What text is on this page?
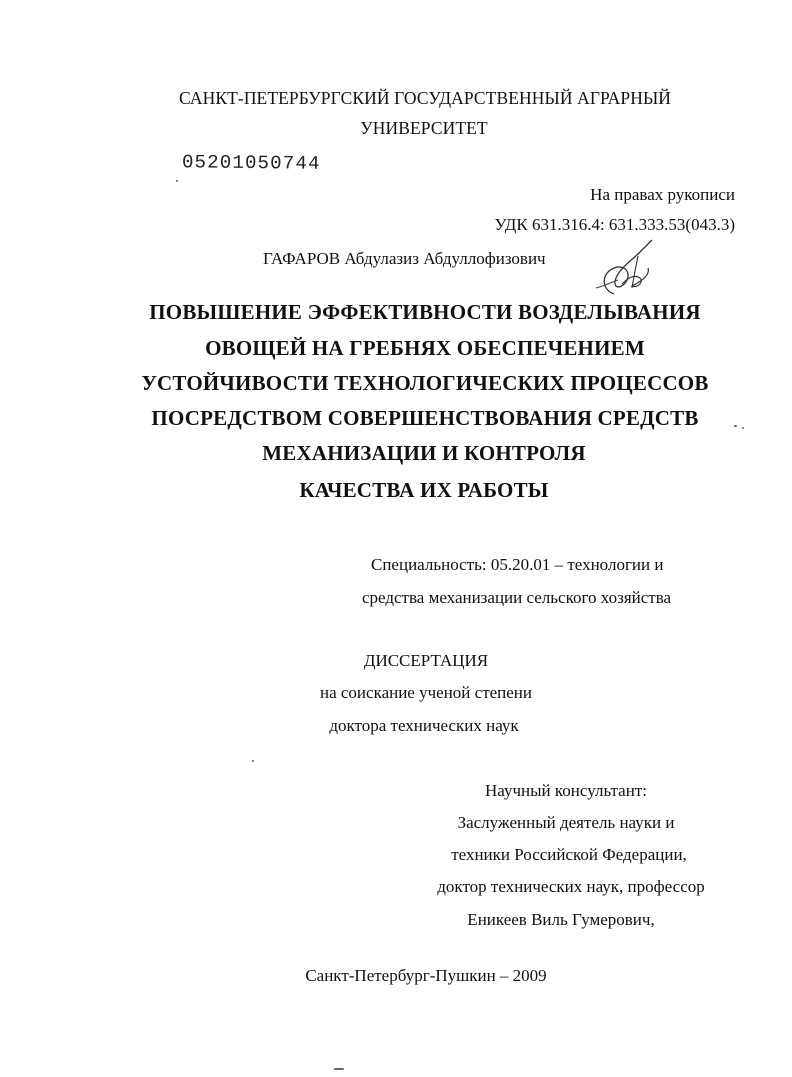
САНКТ-ПЕТЕРБУРГСКИЙ ГОСУДАРСТВЕННЫЙ АГРАРНЫЙ
УНИВЕРСИТЕТ
05201050744
На правах рукописи
УДК 631.316.4: 631.333.53(043.3)
ГАФАРОВ Абдулазиз Абдуллофизович
ПОВЫШЕНИЕ ЭФФЕКТИВНОСТИ ВОЗДЕЛЫВАНИЯ
ОВОЩЕЙ НА ГРЕБНЯХ ОБЕСПЕЧЕНИЕМ
УСТОЙЧИВОСТИ ТЕХНОЛОГИЧЕСКИХ ПРОЦЕССОВ
ПОСРЕДСТВОМ СОВЕРШЕНСТВОВАНИЯ СРЕДСТВ
МЕХАНИЗАЦИИ И КОНТРОЛЯ
КАЧЕСТВА ИХ РАБОТЫ
Специальность: 05.20.01 – технологии и
средства механизации сельского хозяйства
ДИССЕРТАЦИЯ
на соискание ученой степени
доктора технических наук
Научный консультант:
Заслуженный деятель науки и
техники Российской Федерации,
доктор технических наук, профессор
Еникеев Виль Гумерович,
Санкт-Петербург-Пушкин – 2009
